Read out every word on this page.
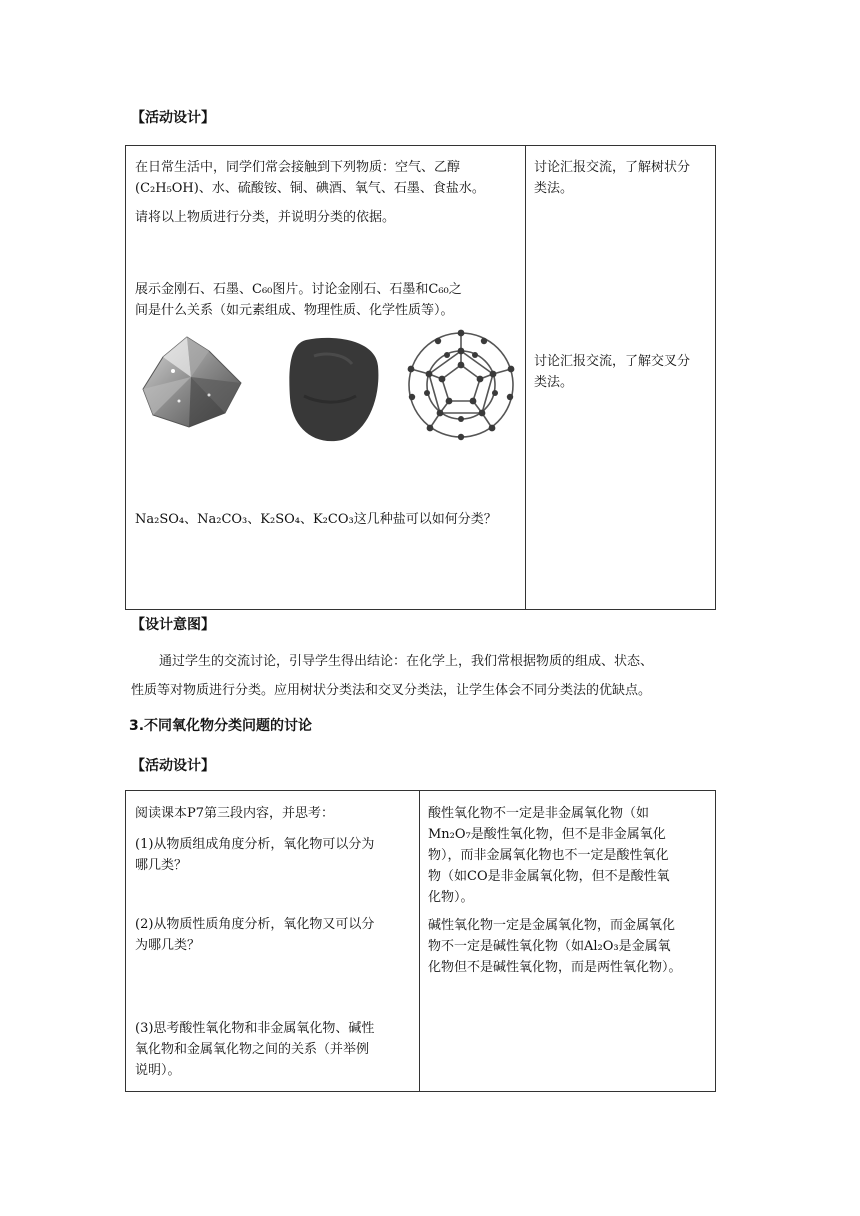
【活动设计】
在日常生活中，同学们常会接触到下列物质：空气、乙醇
(C₂H₅OH)、水、硫酸铵、铜、碘酒、氧气、石墨、食盐水。
请将以上物质进行分类，并说明分类的依据。
展示金刚石、石墨、C₆₀图片。讨论金刚石、石墨和C₆₀之
间是什么关系（如元素组成、物理性质、化学性质等）。
Na₂SO₄、Na₂CO₃、K₂SO₄、K₂CO₃这几种盐可以如何分类？
讨论汇报交流，了解树状分
类法。
讨论汇报交流，了解交叉分
类法。
【设计意图】
通过学生的交流讨论，引导学生得出结论：在化学上，我们常根据物质的组成、状态、
性质等对物质进行分类。应用树状分类法和交叉分类法，让学生体会不同分类法的优缺点。
3.不同氧化物分类问题的讨论
【活动设计】
阅读课本P7第三段内容，并思考：
(1)从物质组成角度分析，氧化物可以分为
哪几类？
(2)从物质性质角度分析，氧化物又可以分
为哪几类？
(3)思考酸性氧化物和非金属氧化物、碱性
氧化物和金属氧化物之间的关系（并举例
说明）。
酸性氧化物不一定是非金属氧化物（如
Mn₂O₇是酸性氧化物，但不是非金属氧化
物），而非金属氧化物也不一定是酸性氧化
物（如CO是非金属氧化物，但不是酸性氧
化物）。
碱性氧化物一定是金属氧化物，而金属氧化
物不一定是碱性氧化物（如Al₂O₃是金属氧
化物但不是碱性氧化物，而是两性氧化物）。
